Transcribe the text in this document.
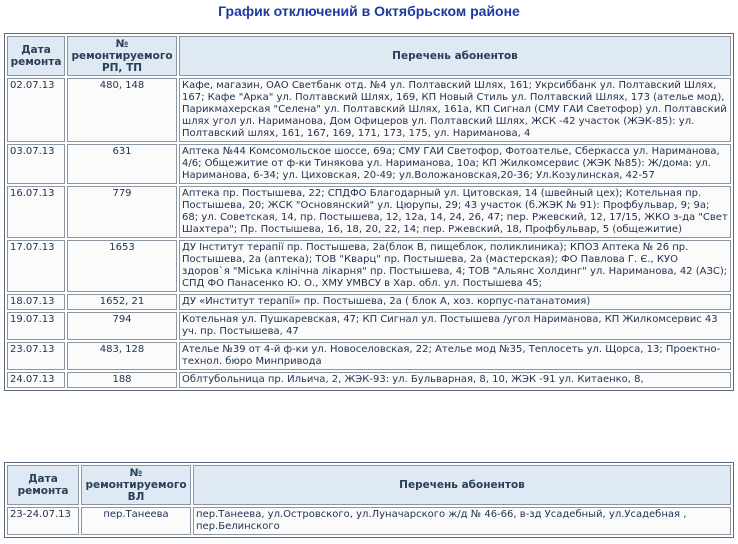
График отключений в Октябрьском районе
Дата ремонта	№ ремонтируемого РП, ТП	Перечень абонентов
02.07.13	480, 148	Кафе, магазин, ОАО Светбанк отд. №4 ул. Полтавский Шлях, 161; Укрсиббанк ул. Полтавский Шлях, 167; Кафе "Арка" ул. Полтавский Шлях, 169, КП Новый Стиль ул. Полтавский Шлях, 173 (ателье мод), Парикмахерская "Селена" ул. Полтавский Шлях, 161а, КП Сигнал (СМУ ГАИ Светофор) ул. Полтавский шлях угол ул. Нариманова, Дом Офицеров ул. Полтавский Шлях, ЖСК -42 участок (ЖЭК-85): ул. Полтавский шлях, 161, 167, 169, 171, 173, 175, ул. Нариманова, 4
03.07.13	631	Аптека №44 Комсомольское шоссе, 69а; СМУ ГАИ Светофор, Фотоателье, Сберкасса ул. Нариманова, 4/6; Общежитие от ф-ки Тинякова ул. Нариманова, 10а; КП Жилкомсервис (ЖЭК №85): Ж/дома: ул. Нариманова, 6-34; ул. Циховская, 20-49; ул.Воложановская,20-36; Ул.Козулинская, 42-57
16.07.13	779	Аптека пр. Постышева, 22; СПДФО Благодарный ул. Цитовская, 14 (швейный цех); Котельная пр. Постышева, 20; ЖСК "Основянский" ул. Цюрупы, 29; 43 участок (б.ЖЭК № 91): Профбульвар, 9; 9а; 68; ул. Советская, 14, пр. Постышева, 12, 12а, 14, 24, 26, 47; пер. Ржевский, 12, 17/15, ЖКО з-да "Свет Шахтера"; Пр. Постышева, 16, 18, 20, 22, 14; пер. Ржевский, 18, Профбульвар, 5 (общежитие)
17.07.13	1653	ДУ Інститут терапії пр. Постышева, 2а(блок В, пищеблок, поликлиника); КПОЗ Аптека № 26 пр. Постышева, 2а (аптека); ТОВ "Кварц" пр. Постышева, 2а (мастерская); ФО Павлова Г. Є., КУО здоров`я "Міська клінічна лікарня" пр. Постышева, 4; ТОВ "Альянс Холдинг" ул. Нариманова, 42 (АЗС); СПД ФО Панасенко Ю. О., ХМУ УМВСУ в Хар. обл. ул. Постышева 45;
18.07.13	1652, 21	ДУ «Институт терапії» пр. Постышева, 2а ( блок А, хоз. корпус-патанатомия)
19.07.13	794	Котельная ул. Пушкаревская, 47; КП Сигнал ул. Постышева /угол Нариманова, КП Жилкомсервис 43 уч. пр. Постышева, 47
23.07.13	483, 128	Ателье №39 от 4-й ф-ки ул. Новоселовская, 22; Ателье мод №35, Теплосеть ул. Щорса, 13; Проектно-технол. бюро Минпривода
24.07.13	188	Облтубольница пр. Ильича, 2, ЖЭК-93: ул. Бульварная, 8, 10, ЖЭК -91 ул. Китаенко, 8,
Дата ремонта	№ ремонтируемого ВЛ	Перечень абонентов
23-24.07.13	пер.Танеева	пер.Танеева, ул.Островского, ул.Луначарского ж/д № 46-66, в-зд Усадебный, ул.Усадебная , пер.Белинского
